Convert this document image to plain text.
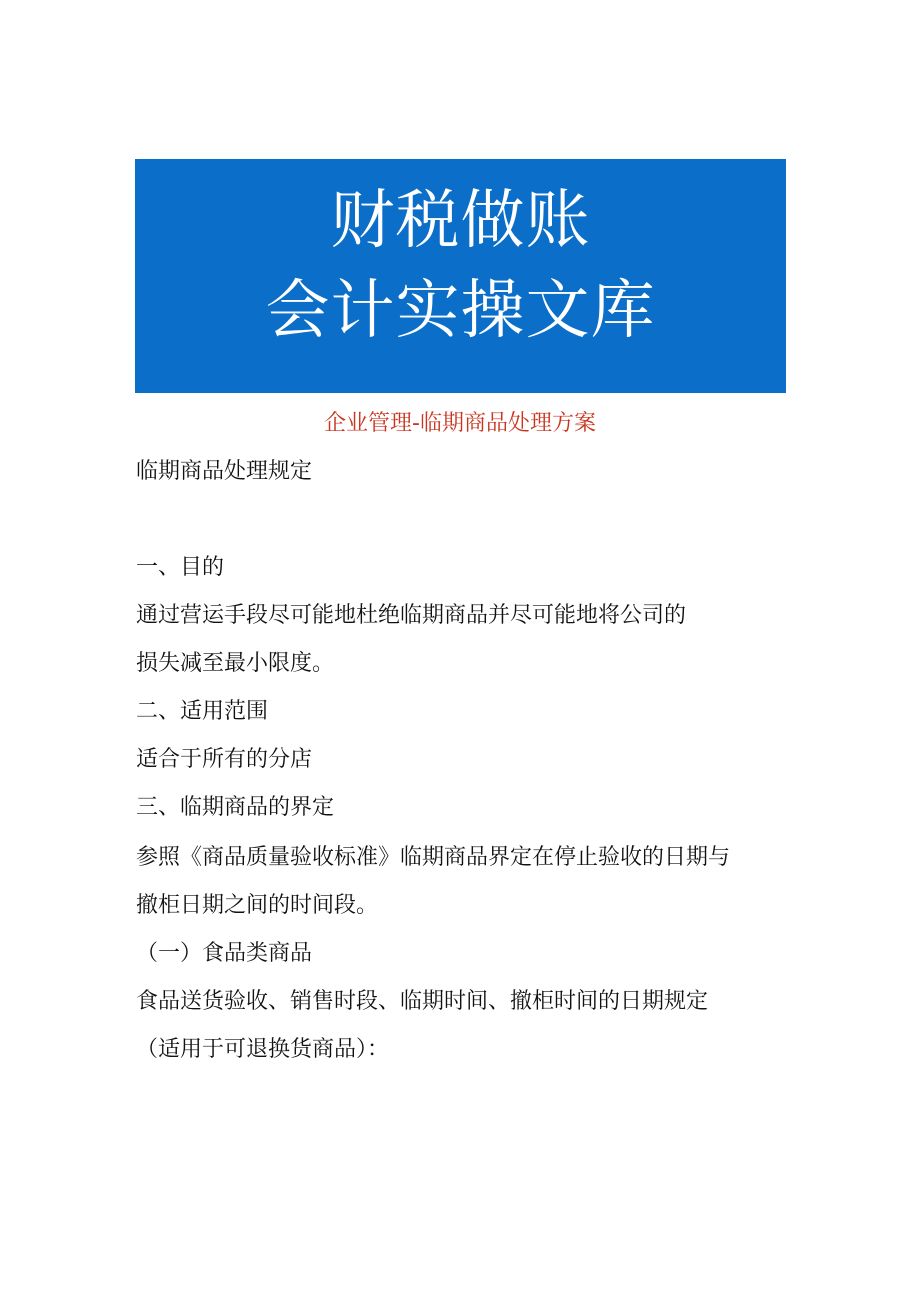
财税做账
会计实操文库
企业管理-临期商品处理方案
临期商品处理规定
一、目的
通过营运手段尽可能地杜绝临期商品并尽可能地将公司的
损失减至最小限度。
二、适用范围
适合于所有的分店
三、临期商品的界定
参照《商品质量验收标准》临期商品界定在停止验收的日期与
撤柜日期之间的时间段。
（一）食品类商品
食品送货验收、销售时段、临期时间、撤柜时间的日期规定
（适用于可退换货商品）：
